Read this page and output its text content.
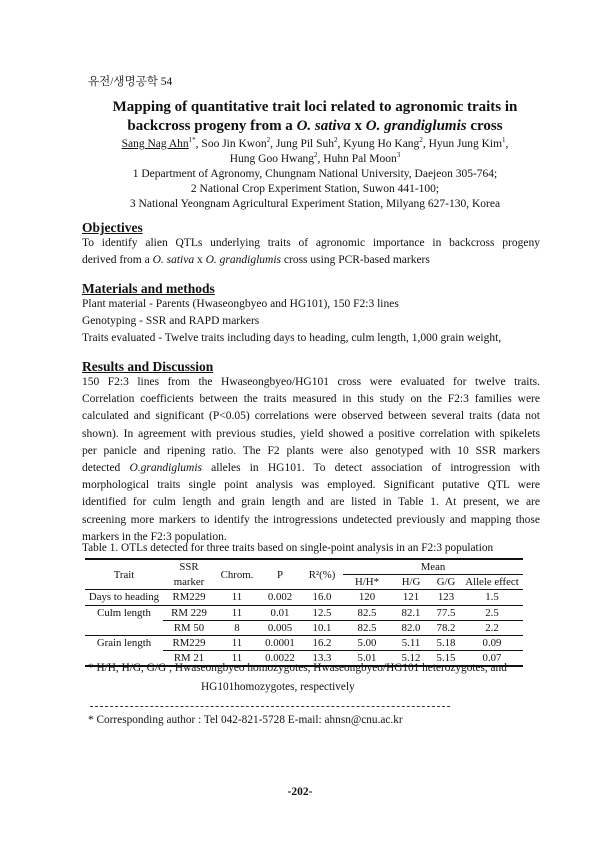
유전/생명공학 54
Mapping of quantitative trait loci related to agronomic traits in
backcross progeny from a O. sativa x O. grandiglumis cross
Sang Nag Ahn$^{1*}$, Soo Jin Kwon$^2$, Jung Pil Suh$^2$, Kyung Ho Kang$^2$, Hyun Jung Kim$^1$,
Hung Goo Hwang$^2$, Huhn Pal Moon$^3$
1 Department of Agronomy, Chungnam National University, Daejeon 305-764;
2 National Crop Experiment Station, Suwon 441-100;
3 National Yeongnam Agricultural Experiment Station, Milyang 627-130, Korea
Objectives
To identify alien QTLs underlying traits of agronomic importance in backcross progeny
derived from a O. sativa x O. grandiglumis cross using PCR-based markers
Materials and methods
Plant material - Parents (Hwaseongbyeo and HG101), 150 F2:3 lines
Genotyping - SSR and RAPD markers
Traits evaluated - Twelve traits including days to heading, culm length, 1,000 grain weight,
Results and Discussion
150 F2:3 lines from the Hwaseongbyeo/HG101 cross were evaluated for twelve traits.
Correlation coefficients between the traits measured in this study on the F2:3 families were
calculated and significant (P<0.05) correlations were observed between several traits (data not
shown). In agreement with previous studies, yield showed a positive correlation with spikelets
per panicle and ripening ratio. The F2 plants were also genotyped with 10 SSR markers
detected O.grandiglumis alleles in HG101. To detect association of introgression with
morphological traits single point analysis was employed. Significant putative QTL were
identified for culm length and grain length and are listed in Table 1. At present, we are
screening more markers to identify the introgressions undetected previously and mapping those
markers in the F2:3 population.
Table 1. OTLs detected for three traits based on single-point analysis in an F2:3 population
Trait	SSR	Chrom.	P	R²(%)	Mean			
	marker				H/H*	H/G	G/G	Allele effect
Days to heading	RM229	11	0.002	16.0	120	121	123	1.5
Culm length	RM 229	11	0.01	12.5	82.5	82.1	77.5	2.5
	RM 50	8	0.005	10.1	82.5	82.0	78.2	2.2
Grain length	RM229	11	0.0001	16.2	5.00	5.11	5.18	0.09
	RM 21	11	0.0022	13.3	5.01	5.12	5.15	0.07
* H/H, H/G, G/G ; Hwaseongbyeo homozygotes, Hwaseongbyeo/HG101 heterozygotes, and
HG101homozygotes, respectively
* Corresponding author : Tel 042-821-5728 E-mail: ahnsn@cnu.ac.kr
-202-
